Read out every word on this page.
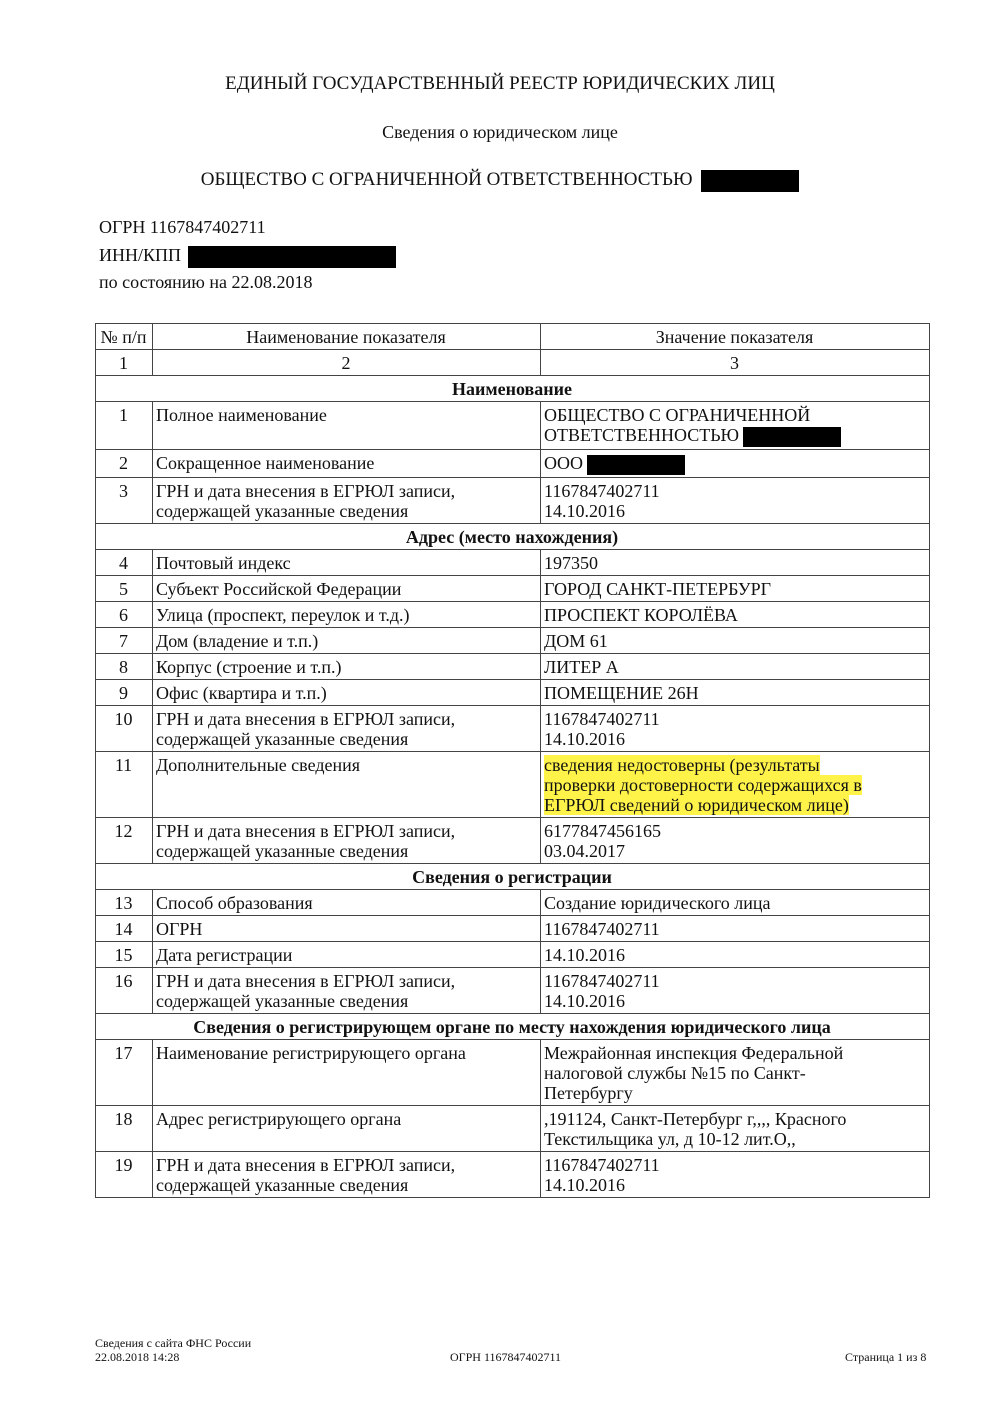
ЕДИНЫЙ ГОСУДАРСТВЕННЫЙ РЕЕСТР ЮРИДИЧЕСКИХ ЛИЦ
Сведения о юридическом лице
ОБЩЕСТВО С ОГРАНИЧЕННОЙ ОТВЕТСТВЕННОСТЬЮ
ОГРН 1167847402711
ИНН/КПП
по состоянию на 22.08.2018
№ п/п	Наименование показателя	Значение показателя
1	2	3
Наименование		
1	Полное наименование	ОБЩЕСТВО С ОГРАНИЧЕННОЙ
ОТВЕТСТВЕННОСТЬЮ

2	Сокращенное наименование	ООО

3	ГРН и дата внесения в ЕГРЮЛ записи, содержащей указанные сведения	1167847402711
14.10.2016

Адрес (место нахождения)		
4	Почтовый индекс	197350

5	Субъект Российской Федерации	ГОРОД САНКТ-ПЕТЕРБУРГ

6	Улица (проспект, переулок и т.д.)	ПРОСПЕКТ КОРОЛЁВА

7	Дом (владение и т.п.)	ДОМ 61

8	Корпус (строение и т.п.)	ЛИТЕР А

9	Офис (квартира и т.п.)	ПОМЕЩЕНИЕ 26Н

10	ГРН и дата внесения в ЕГРЮЛ записи, содержащей указанные сведения	1167847402711
14.10.2016

11	Дополнительные сведения	сведения недостоверны (результаты
проверки достоверности содержащихся в
ЕГРЮЛ сведений о юридическом лице)

12	ГРН и дата внесения в ЕГРЮЛ записи, содержащей указанные сведения	6177847456165
03.04.2017

Сведения о регистрации		
13	Способ образования	Создание юридического лица

14	ОГРН	1167847402711

15	Дата регистрации	14.10.2016

16	ГРН и дата внесения в ЕГРЮЛ записи, содержащей указанные сведения	1167847402711
14.10.2016

Сведения о регистрирующем органе по месту нахождения юридического лица		
17	Наименование регистрирующего органа	Межрайонная инспекция Федеральной
налоговой службы №15 по Санкт-
Петербургу

18	Адрес регистрирующего органа	,191124, Санкт-Петербург г,,,, Красного
Текстильщика ул, д 10-12 лит.О,,

19	ГРН и дата внесения в ЕГРЮЛ записи, содержащей указанные сведения	1167847402711
14.10.2016
Сведения с сайта ФНС России
22.08.2018 14:28	ОГРН 1167847402711	Страница 1 из 8
